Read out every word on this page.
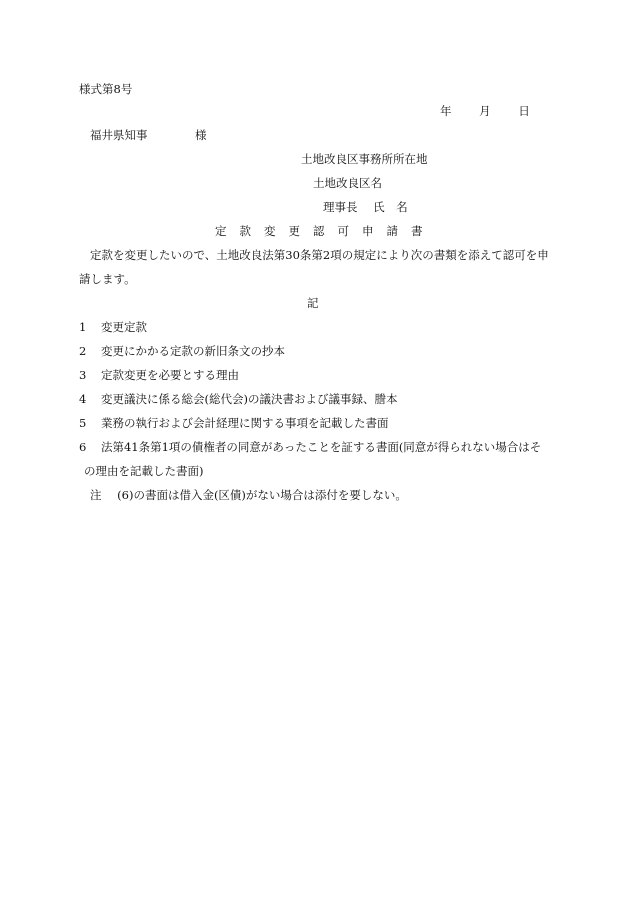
様式第8号
年 月 日
福井県知事	様
土地改良区事務所所在地
土地改良区名
理事長 氏　名
定 款 変 更 認 可 申 請 書
定款を変更したいので、土地改良法第30条第2項の規定により次の書類を添えて認可を申
請します。
記
1 変更定款
2 変更にかかる定款の新旧条文の抄本
3 定款変更を必要とする理由
4 変更議決に係る総会(総代会)の議決書および議事録、謄本
5 業務の執行および会計経理に関する事項を記載した書面
6 法第41条第1項の債権者の同意があったことを証する書面(同意が得られない場合はそ
の理由を記載した書面)
注 (6)の書面は借入金(区債)がない場合は添付を要しない。
